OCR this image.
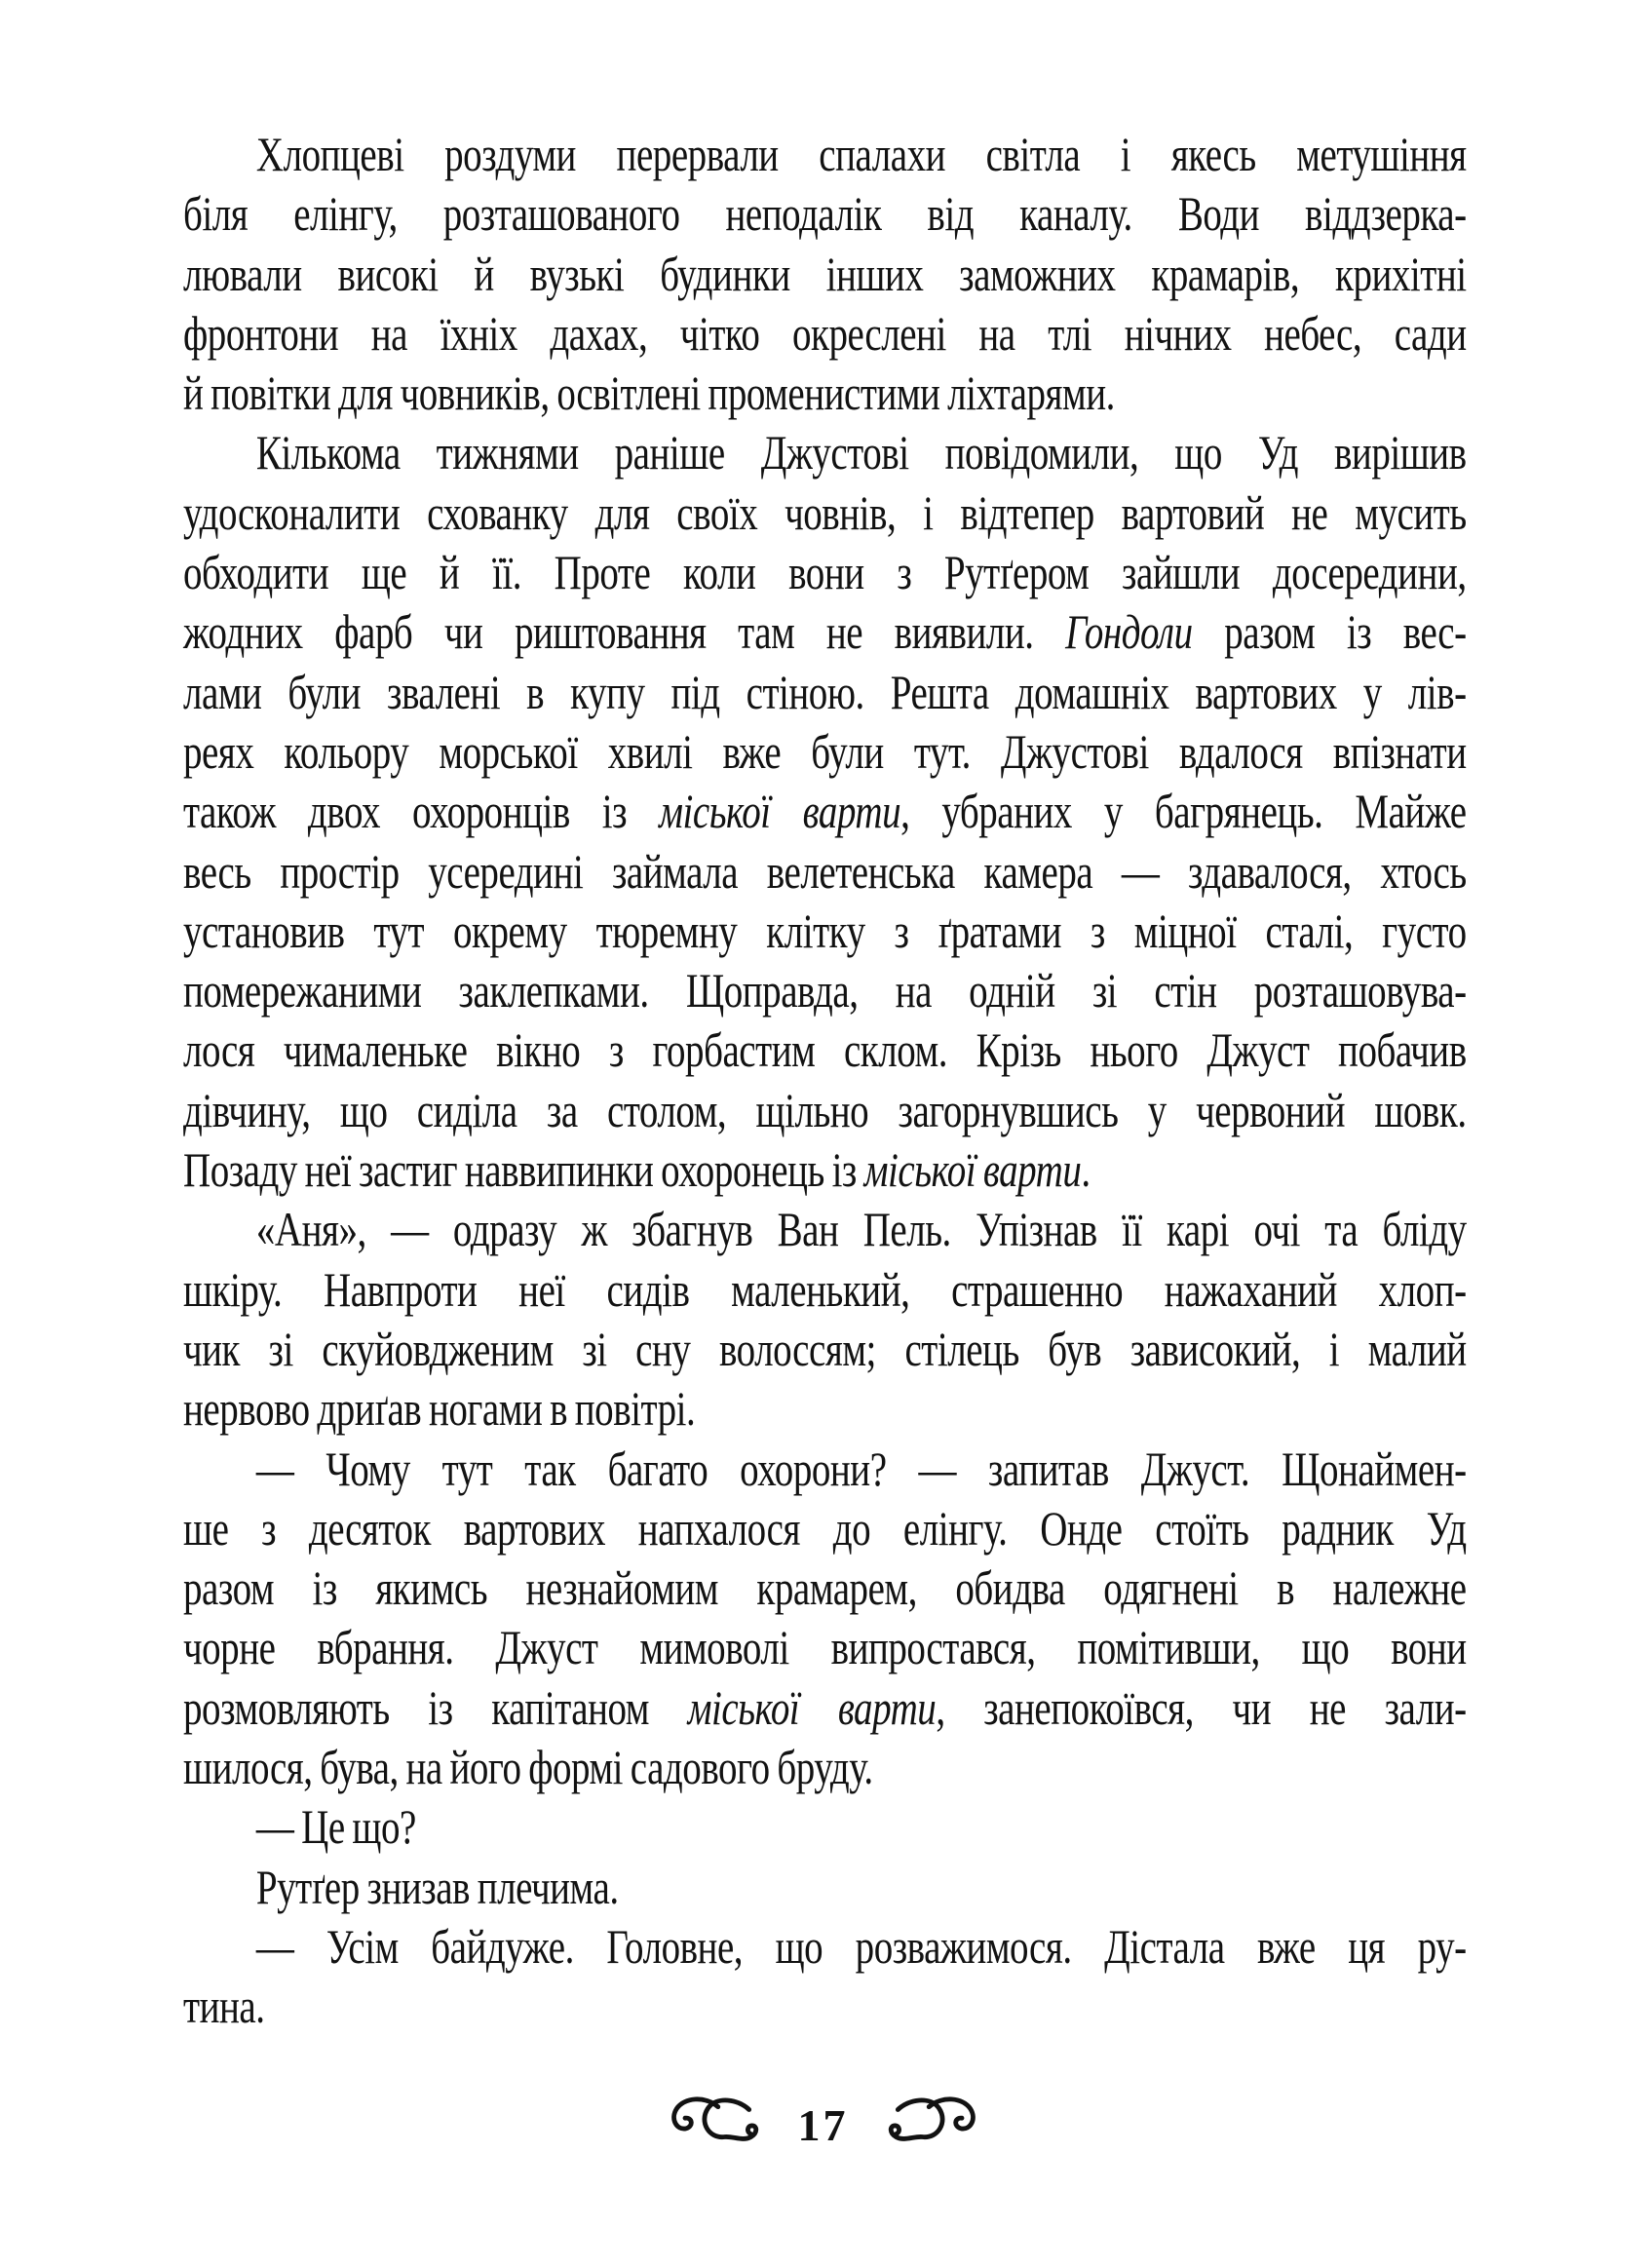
Хлопцеві роздуми перервали спалахи світла і якесь метушіння
біля елінгу, розташованого неподалік від каналу. Води віддзерка-
лювали високі й вузькі будинки інших заможних крамарів, крихітні
фронтони на їхніх дахах, чітко окреслені на тлі нічних небес, сади
й повітки для човників, освітлені променистими ліхтарями.
Кількома тижнями раніше Джустові повідомили, що Уд вирішив
удосконалити схованку для своїх човнів, і відтепер вартовий не мусить
обходити ще й її. Проте коли вони з Рутґером зайшли досередини,
жодних фарб чи риштовання там не виявили. Гондоли разом із вес-
лами були звалені в купу під стіною. Решта домашніх вартових у лів-
реях кольору морської хвилі вже були тут. Джустові вдалося впізнати
також двох охоронців із міської варти, убраних у багрянець. Майже
весь простір усередині займала велетенська камера — здавалося, хтось
установив тут окрему тюремну клітку з ґратами з міцної сталі, густо
помережаними заклепками. Щоправда, на одній зі стін розташовува-
лося чималеньке вікно з горбастим склом. Крізь нього Джуст побачив
дівчину, що сиділа за столом, щільно загорнувшись у червоний шовк.
Позаду неї застиг наввипинки охоронець із міської варти.
«Аня», — одразу ж збагнув Ван Пель. Упізнав її карі очі та бліду
шкіру. Навпроти неї сидів маленький, страшенно нажаханий хлоп-
чик зі скуйовдженим зі сну волоссям; стілець був зависокий, і малий
нервово дриґав ногами в повітрі.
— Чому тут так багато охорони? — запитав Джуст. Щонаймен-
ше з десяток вартових напхалося до елінгу. Онде стоїть радник Уд
разом із якимсь незнайомим крамарем, обидва одягнені в належне
чорне вбрання. Джуст мимоволі випростався, помітивши, що вони
розмовляють із капітаном міської варти, занепокоївся, чи не зали-
шилося, бува, на його формі садового бруду.
— Це що?
Рутґер знизав плечима.
— Усім байдуже. Головне, що розважимося. Дістала вже ця ру-
тина.
17
